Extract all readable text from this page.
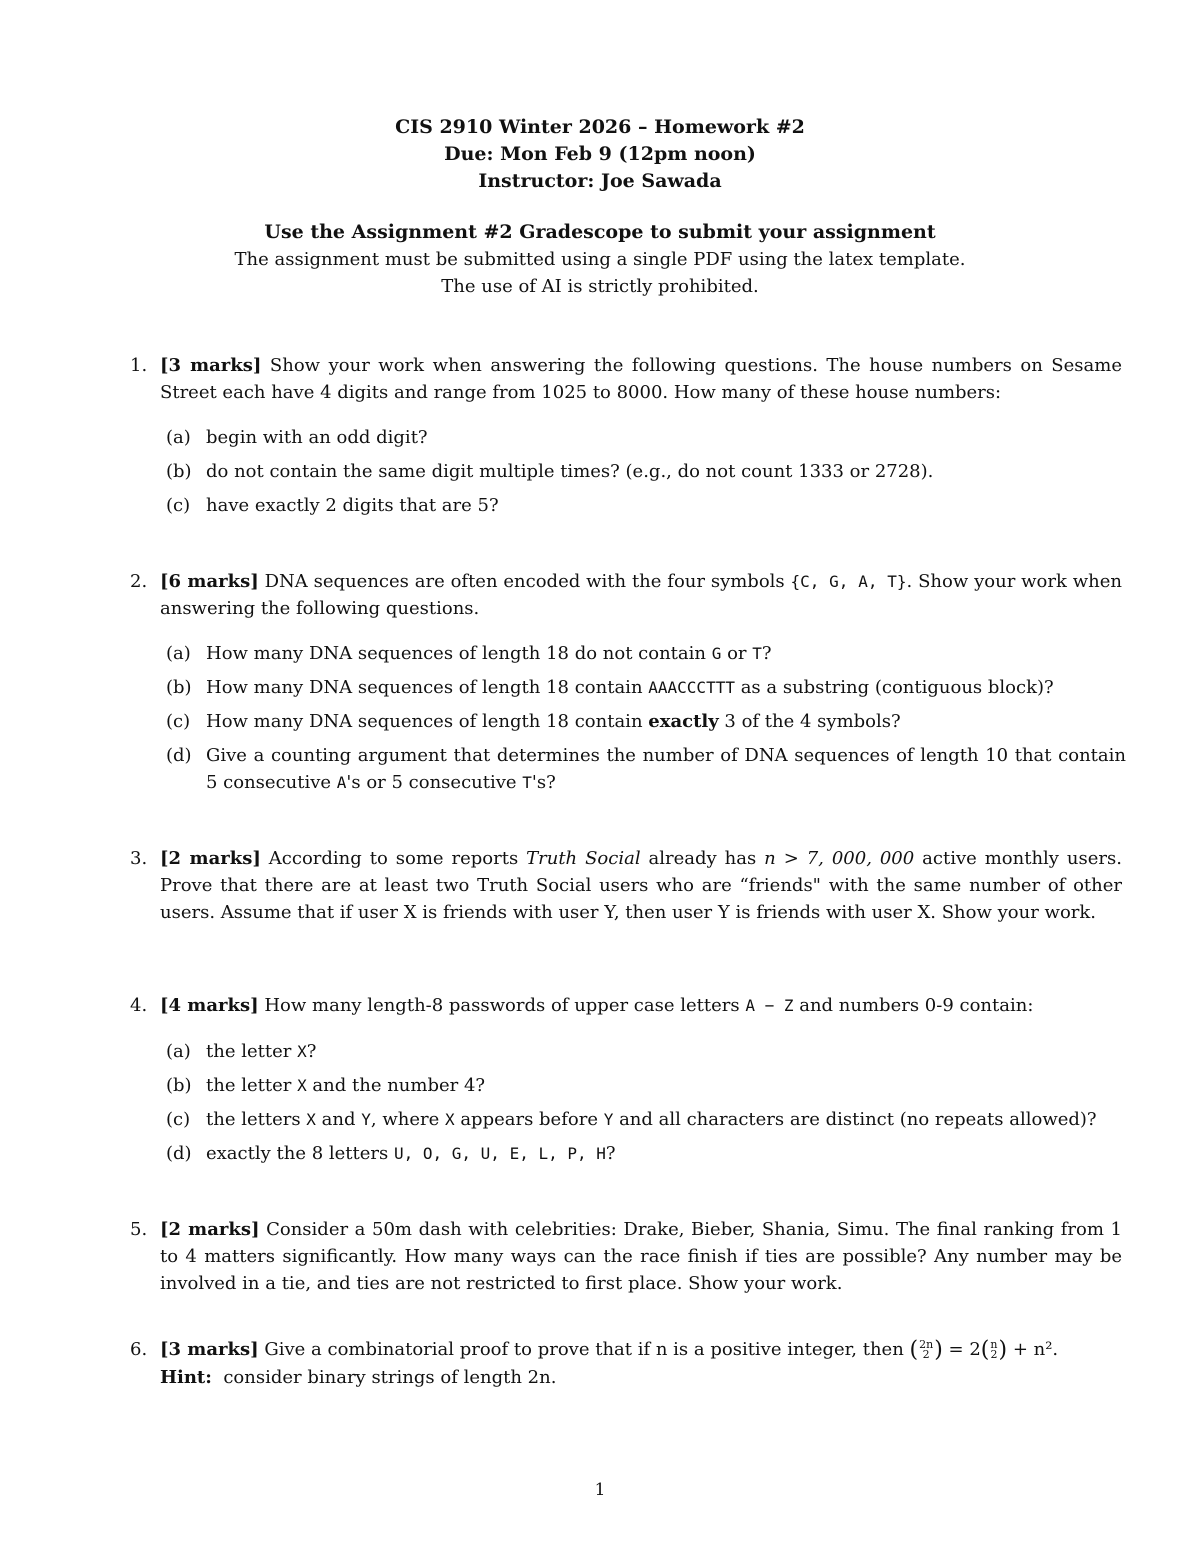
CIS 2910 Winter 2026 – Homework #2
Due: Mon Feb 9 (12pm noon)
Instructor: Joe Sawada
Use the Assignment #2 Gradescope to submit your assignment
The assignment must be submitted using a single PDF using the latex template.
The use of AI is strictly prohibited.
1. [3 marks] Show your work when answering the following questions. The house numbers on Sesame Street each have 4 digits and range from 1025 to 8000. How many of these house numbers:
(a) begin with an odd digit?
(b) do not contain the same digit multiple times? (e.g., do not count 1333 or 2728).
(c) have exactly 2 digits that are 5?
2. [6 marks] DNA sequences are often encoded with the four symbols {C, G, A, T}. Show your work when answering the following questions.
(a) How many DNA sequences of length 18 do not contain G or T?
(b) How many DNA sequences of length 18 contain AAACCCTTT as a substring (contiguous block)?
(c) How many DNA sequences of length 18 contain exactly 3 of the 4 symbols?
(d) Give a counting argument that determines the number of DNA sequences of length 10 that contain 5 consecutive A's or 5 consecutive T's?
3. [2 marks] According to some reports Truth Social already has n > 7, 000, 000 active monthly users. Prove that there are at least two Truth Social users who are “friends" with the same number of other users. Assume that if user X is friends with user Y, then user Y is friends with user X. Show your work.
4. [4 marks] How many length-8 passwords of upper case letters A − Z and numbers 0-9 contain:
(a) the letter X?
(b) the letter X and the number 4?
(c) the letters X and Y, where X appears before Y and all characters are distinct (no repeats allowed)?
(d) exactly the 8 letters U, O, G, U, E, L, P, H?
5. [2 marks] Consider a 50m dash with celebrities: Drake, Bieber, Shania, Simu. The final ranking from 1 to 4 matters significantly. How many ways can the race finish if ties are possible? Any number may be involved in a tie, and ties are not restricted to first place. Show your work.
6. [3 marks] Give a combinatorial proof to prove that if n is a positive integer, then (2n
2 ) = 2(n
2) + n².
Hint: consider binary strings of length 2n.
1
